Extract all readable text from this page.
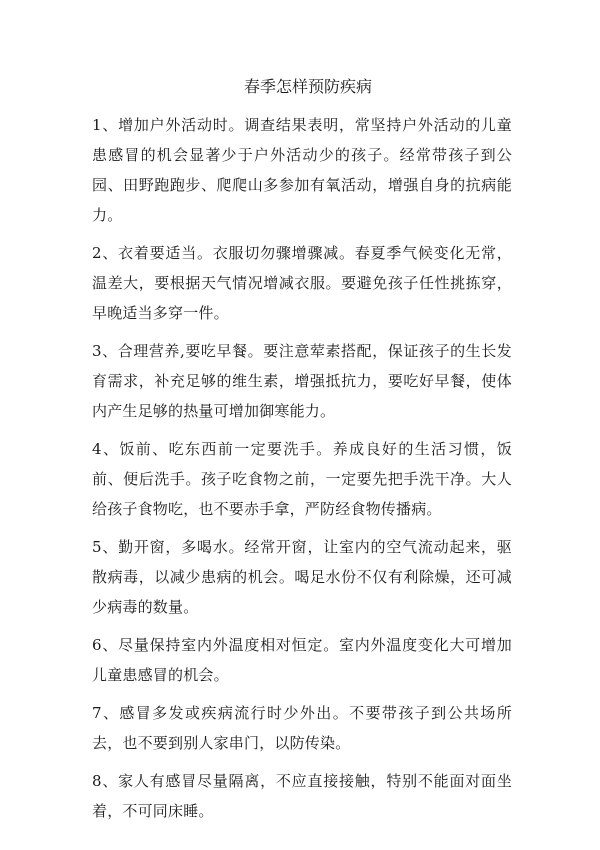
春季怎样预防疾病

1、增加户外活动时。调查结果表明，常坚持户外活动的儿童患感冒的机会显著少于户外活动少的孩子。经常带孩子到公园、田野跑跑步、爬爬山多参加有氧活动，增强自身的抗病能力。

2、衣着要适当。衣服切勿骤增骤减。春夏季气候变化无常，温差大，要根据天气情况增减衣服。要避免孩子任性挑拣穿，早晚适当多穿一件。

3、合理营养,要吃早餐。要注意荤素搭配，保证孩子的生长发育需求，补充足够的维生素，增强抵抗力，要吃好早餐，使体内产生足够的热量可增加御寒能力。

4、饭前、吃东西前一定要洗手。养成良好的生活习惯，饭前、便后洗手。孩子吃食物之前，一定要先把手洗干净。大人给孩子食物吃，也不要赤手拿，严防经食物传播病。

5、勤开窗，多喝水。经常开窗，让室内的空气流动起来，驱散病毒，以减少患病的机会。喝足水份不仅有利除燥，还可减少病毒的数量。

6、尽量保持室内外温度相对恒定。室内外温度变化大可增加儿童患感冒的机会。

7、感冒多发或疾病流行时少外出。不要带孩子到公共场所去，也不要到别人家串门，以防传染。

8、家人有感冒尽量隔离，不应直接接触，特别不能面对面坐着，不可同床睡。
